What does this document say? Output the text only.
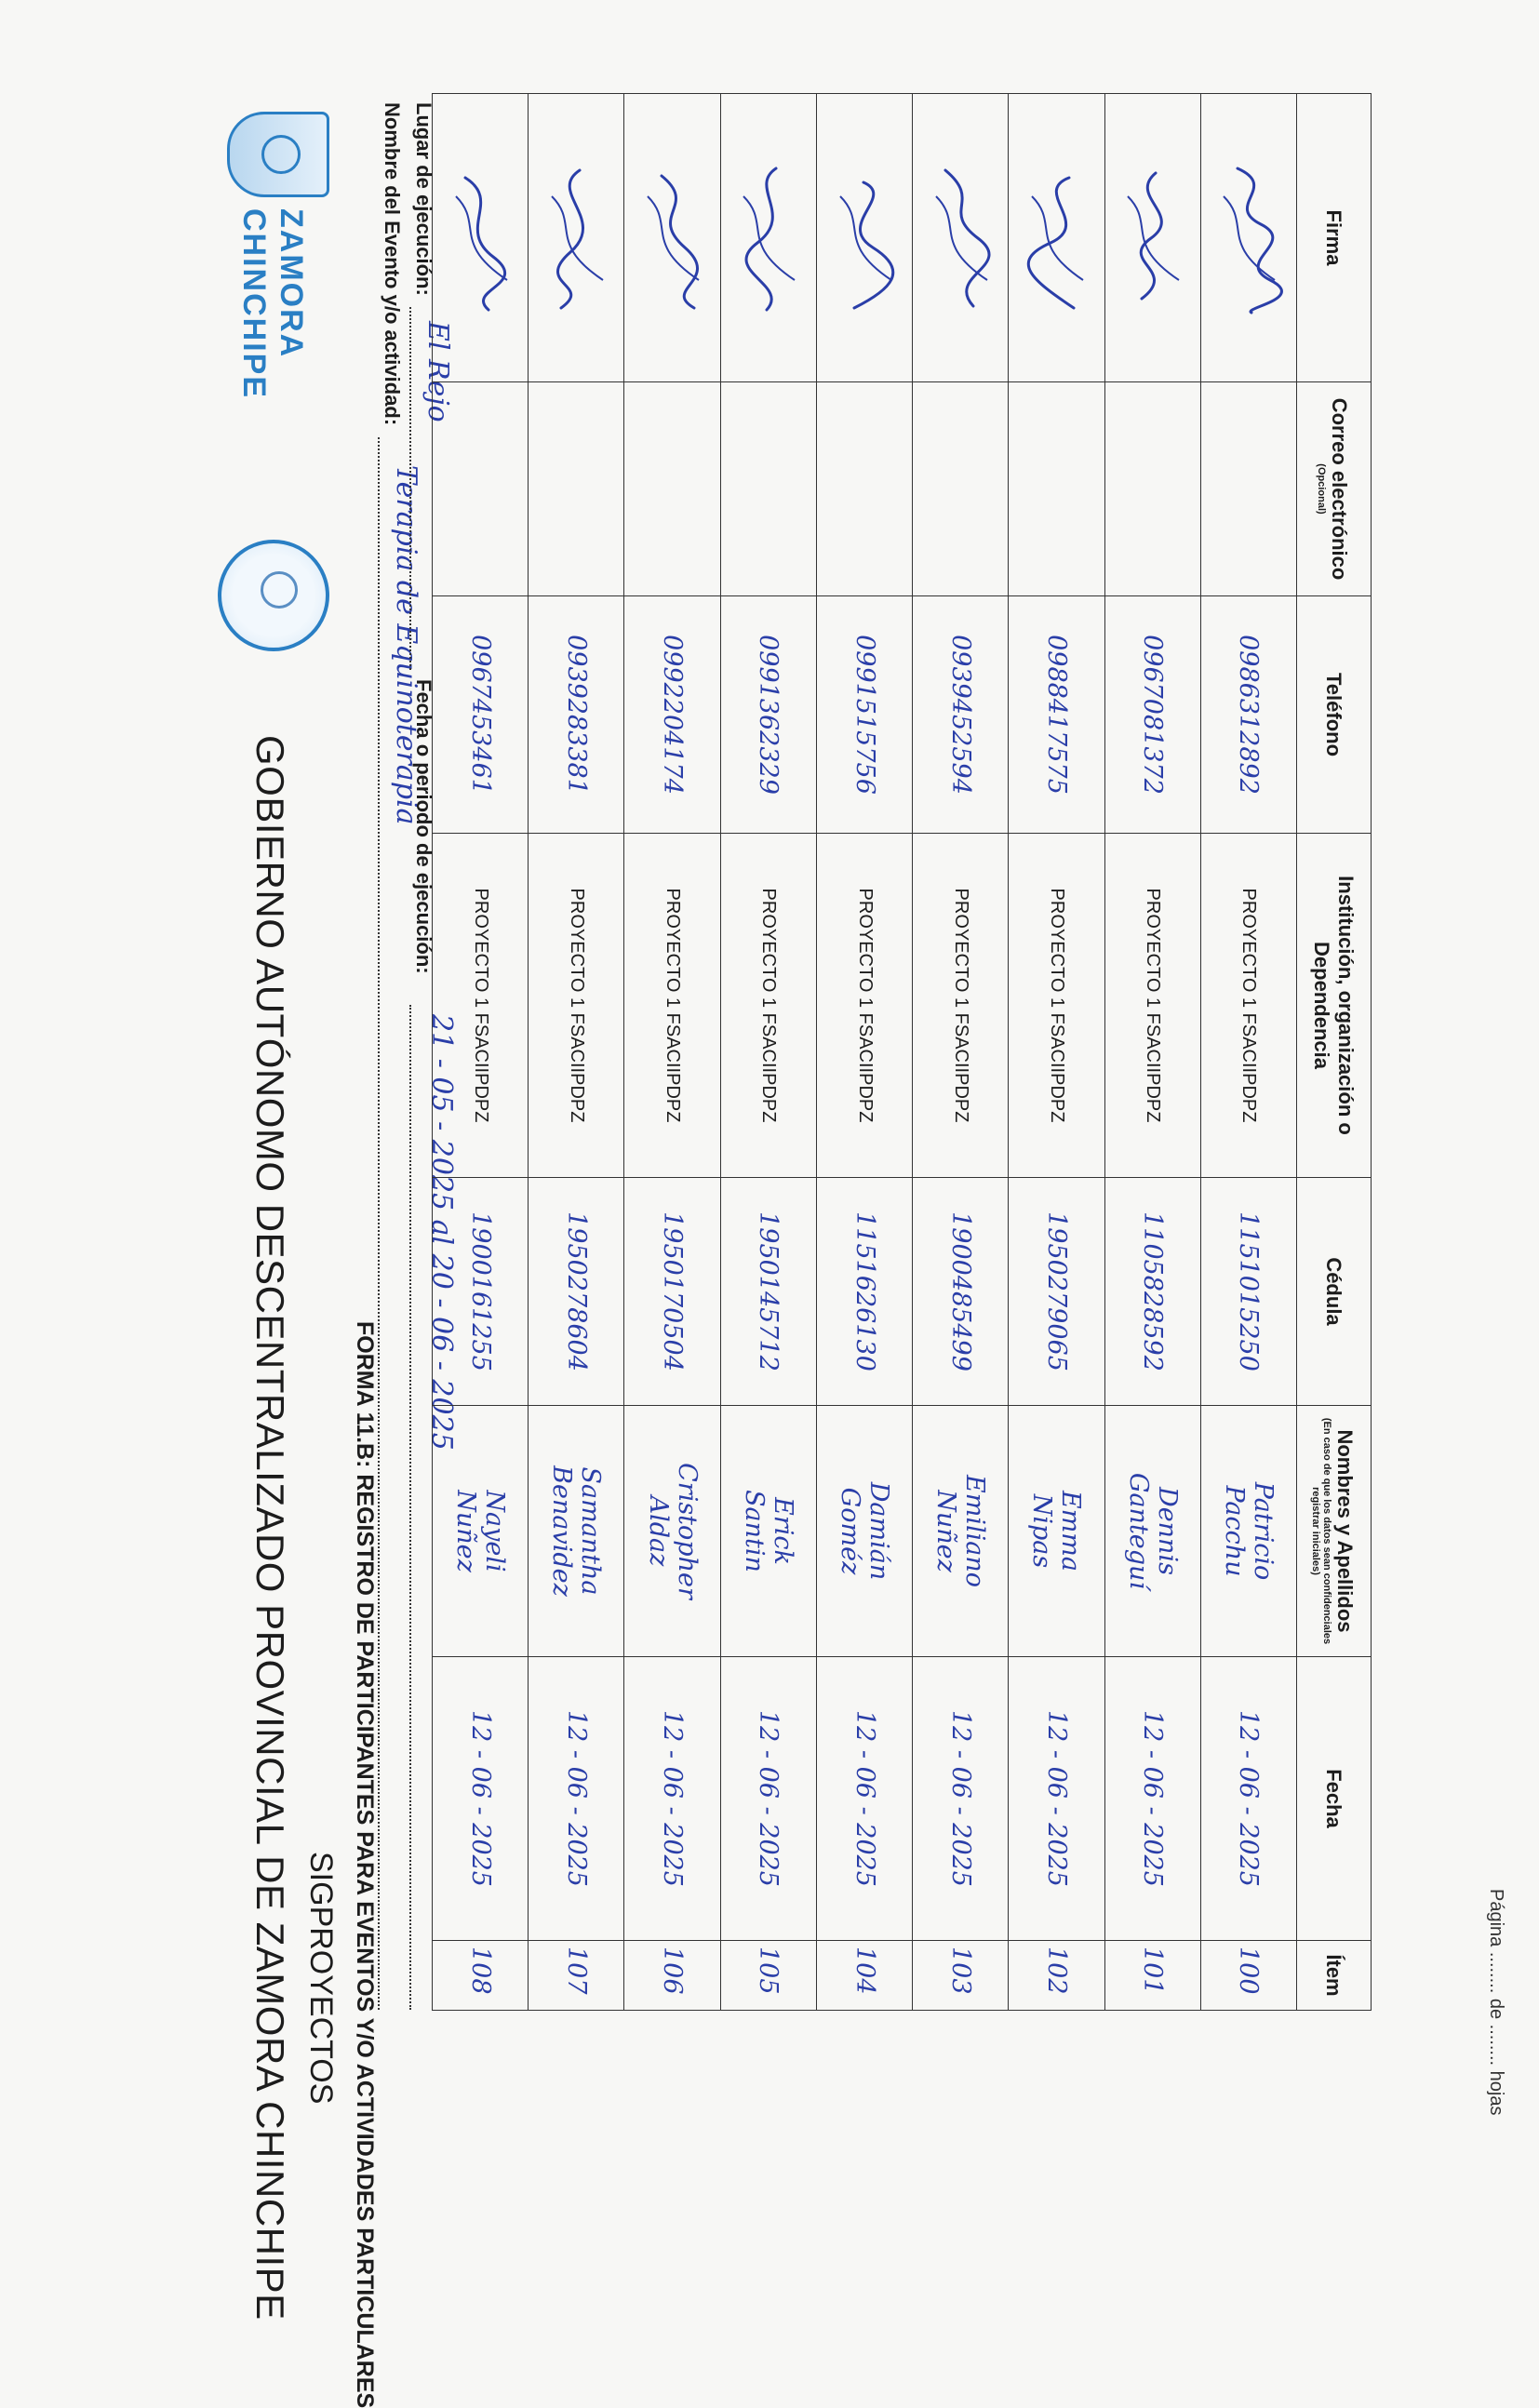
ZAMORA
CHINCHIPE
GOBIERNO AUTÓNOMO DESCENTRALIZADO PROVINCIAL DE ZAMORA CHINCHIPE SIGPROYECTOS FORMA 11.B: REGISTRO DE PARTICIPANTES PARA EVENTOS Y/O ACTIVIDADES PARTICULARES
Nombre del Evento y/o actividad:
Terapia de Equinoterapia
Lugar de ejecución:
El Rejo
Fecha o periodo de ejecución:
21 - 05 - 2025 al 20 - 06 - 2025
Ítem	Fecha	Nombres y Apellidos
(En caso de que los datos sean confidenciales registrar iniciales)	Cédula	Institución, organización o Dependencia	Teléfono	Correo electrónico
(Opcional)	Firma
100	12 - 06 - 2025	Patricio
Pacchu	1151015250	PROYECTO 1 FSACIIPDPZ	0986312892		
101	12 - 06 - 2025	Dennis
Ganteguí	1105828592	PROYECTO 1 FSACIIPDPZ	0967081372		
102	12 - 06 - 2025	Emma
Nipas	1950279065	PROYECTO 1 FSACIIPDPZ	0988417575		
103	12 - 06 - 2025	Emiliano
Nuñez	1900485499	PROYECTO 1 FSACIIPDPZ	0939452594		
104	12 - 06 - 2025	Damián
Goméz	1151626130	PROYECTO 1 FSACIIPDPZ	0991515756		
105	12 - 06 - 2025	Erick
Santin	1950145712	PROYECTO 1 FSACIIPDPZ	0991362329		
106	12 - 06 - 2025	Cristopher
Aldaz	1950170504	PROYECTO 1 FSACIIPDPZ	0992204174		
107	12 - 06 - 2025	Samantha
Benavidez	1950278604	PROYECTO 1 FSACIIPDPZ	0939283381		
108	12 - 06 - 2025	Nayeli
Nuñez	1900161255	PROYECTO 1 FSACIIPDPZ	0967453461		
Página ........ de ........ hojas
